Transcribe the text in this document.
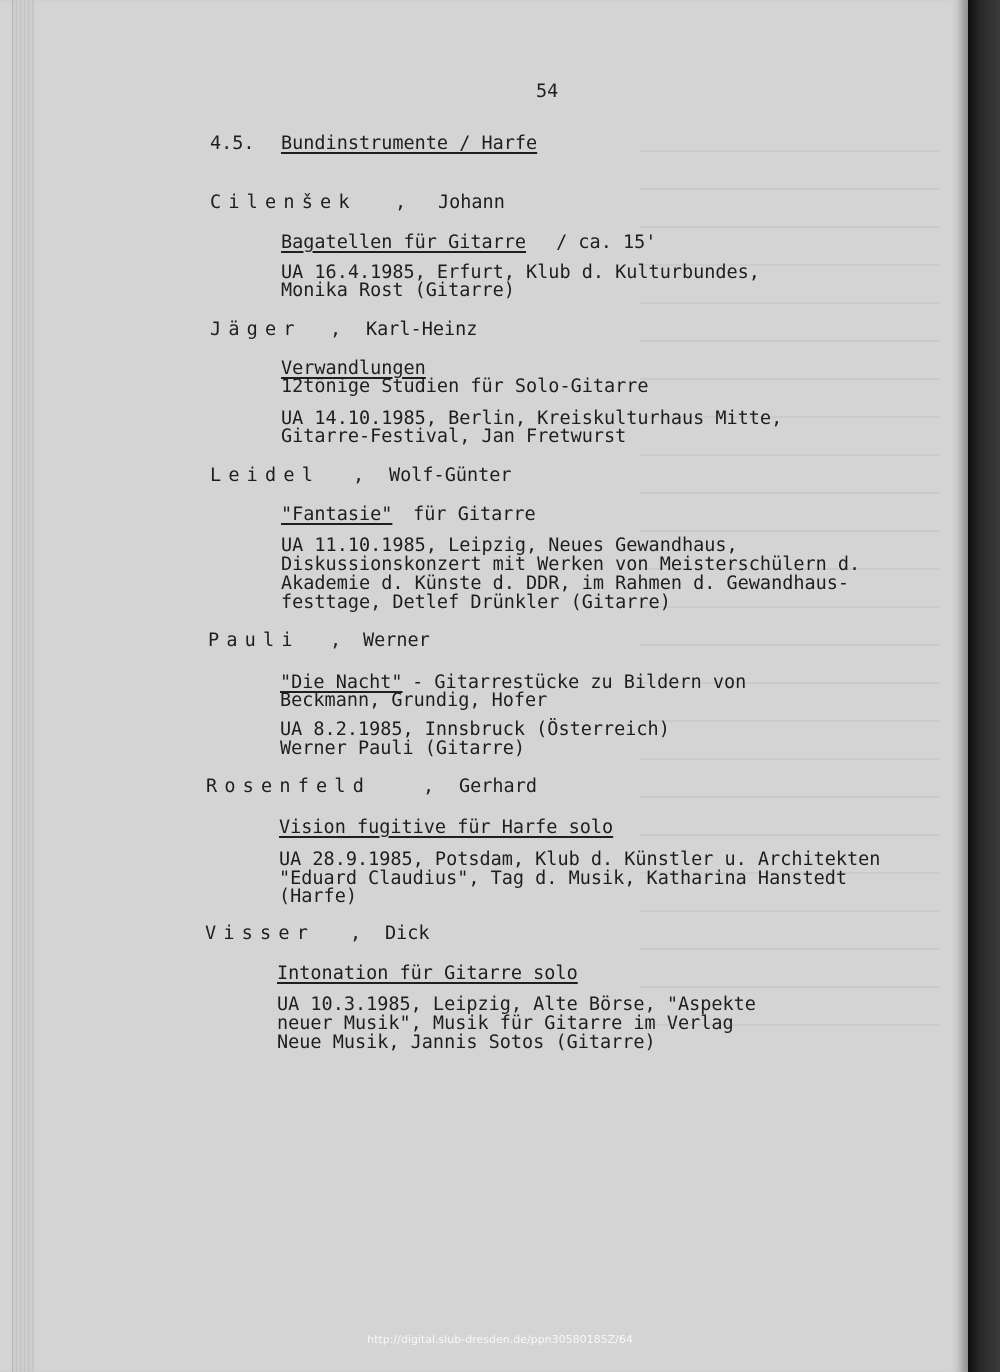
54
4.5. Bundinstrumente / Harfe
Cilenšek , Johann
Bagatellen für Gitarre / ca. 15'
UA 16.4.1985, Erfurt, Klub d. Kulturbundes,
Monika Rost (Gitarre)
Jäger , Karl-Heinz
Verwandlungen
12tönige Studien für Solo-Gitarre
UA 14.10.1985, Berlin, Kreiskulturhaus Mitte,
Gitarre-Festival, Jan Fretwurst
Leidel , Wolf-Günter
"Fantasie" für Gitarre
UA 11.10.1985, Leipzig, Neues Gewandhaus,
Diskussionskonzert mit Werken von Meisterschülern d.
Akademie d. Künste d. DDR, im Rahmen d. Gewandhaus-
festtage, Detlef Drünkler (Gitarre)
Pauli , Werner
"Die Nacht"
- Gitarrestücke zu Bildern von
Beckmann, Grundig, Hofer
UA 8.2.1985, Innsbruck (Österreich)
Werner Pauli (Gitarre)
Rosenfeld	, Gerhard
Vision fugitive für Harfe solo
UA 28.9.1985, Potsdam, Klub d. Künstler u. Architekten
"Eduard Claudius", Tag d. Musik, Katharina Hanstedt
(Harfe)
Visser , Dick
Intonation für Gitarre solo
UA 10.3.1985, Leipzig, Alte Börse, "Aspekte
neuer Musik", Musik für Gitarre im Verlag
Neue Musik, Jannis Sotos (Gitarre)
http://digital.slub-dresden.de/ppn30580185Z/64
